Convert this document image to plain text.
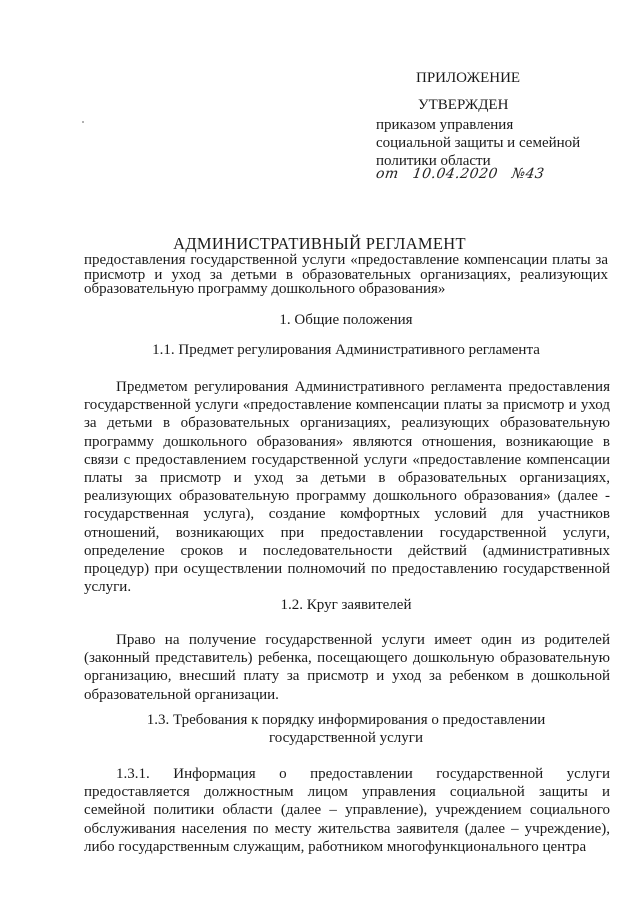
ПРИЛОЖЕНИЕ
УТВЕРЖДЕН
приказом управления
социальной защиты и семейной
политики области
от 10.04.2020 №43
АДМИНИСТРАТИВНЫЙ РЕГЛАМЕНТ
предоставления государственной услуги «предоставление компенсации платы за присмотр и уход за детьми в образовательных организациях, реализующих образовательную программу дошкольного образования»
1. Общие положения
1.1. Предмет регулирования Административного регламента
Предметом регулирования Административного регламента предоставления государственной услуги «предоставление компенсации платы за присмотр и уход за детьми в образовательных организациях, реализующих образовательную программу дошкольного образования» являются отношения, возникающие в связи с предоставлением государственной услуги «предоставление компенсации платы за присмотр и уход за детьми в образовательных организациях, реализующих образовательную программу дошкольного образования» (далее - государственная услуга), создание комфортных условий для участников отношений, возникающих при предоставлении государственной услуги, определение сроков и последовательности действий (административных процедур) при осуществлении полномочий по предоставлению государственной услуги.
1.2. Круг заявителей
Право на получение государственной услуги имеет один из родителей (законный представитель) ребенка, посещающего дошкольную образовательную организацию, внесший плату за присмотр и уход за ребенком в дошкольной образовательной организации.
1.3. Требования к порядку информирования о предоставлении
государственной услуги
1.3.1.    Информация    о    предоставлении    государственной    услуги предоставляется должностным лицом управления социальной защиты и семейной политики области (далее – управление), учреждением социального обслуживания населения по месту жительства заявителя (далее – учреждение), либо государственным служащим, работником многофункционального центра
